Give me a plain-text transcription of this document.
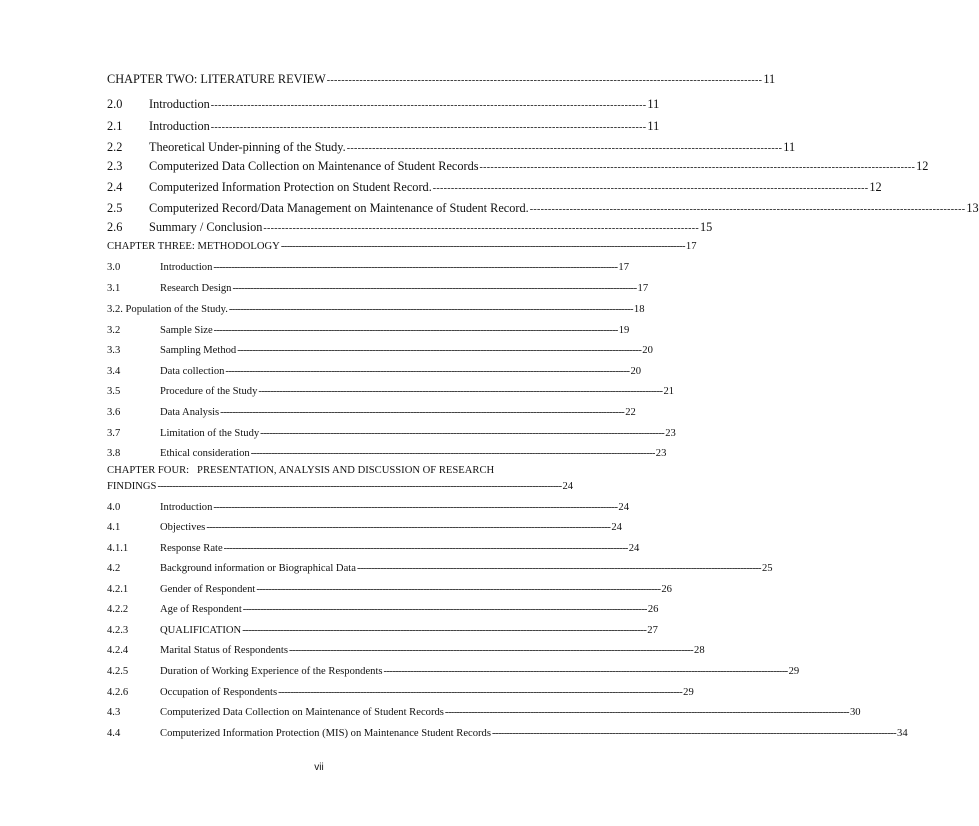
CHAPTER TWO: LITERATURE REVIEW ------------------------------------------------------------------------------------------------------------------------ 11
2.0	Introduction ------------------------------------------------------------------------------------------------------------------------ 11
2.1	Introduction ------------------------------------------------------------------------------------------------------------------------ 11
2.2	Theoretical Under-pinning of the Study. ------------------------------------------------------------------------------------------------------------------------ 11
2.3	Computerized Data Collection on Maintenance of Student Records ------------------------------------------------------------------------------------------------------------------------ 12
2.4	Computerized Information Protection on Student Record. ------------------------------------------------------------------------------------------------------------------------ 12
2.5	Computerized Record/Data Management on Maintenance of Student Record. ------------------------------------------------------------------------------------------------------------------------ 13
2.6	Summary / Conclusion ------------------------------------------------------------------------------------------------------------------------ 15
CHAPTER THREE: METHODOLOGY ------------------------------------------------------------------------------------------------------------------------------------------ 17
3.0	Introduction ------------------------------------------------------------------------------------------------------------------------------------------ 17
3.1	Research Design ------------------------------------------------------------------------------------------------------------------------------------------ 17
3.2. Population of the Study. ------------------------------------------------------------------------------------------------------------------------------------------ 18
3.2	Sample Size ------------------------------------------------------------------------------------------------------------------------------------------ 19
3.3	Sampling Method ------------------------------------------------------------------------------------------------------------------------------------------ 20
3.4	Data collection ------------------------------------------------------------------------------------------------------------------------------------------ 20
3.5	Procedure of the Study ------------------------------------------------------------------------------------------------------------------------------------------ 21
3.6	Data Analysis ------------------------------------------------------------------------------------------------------------------------------------------ 22
3.7	Limitation of the Study ------------------------------------------------------------------------------------------------------------------------------------------ 23
3.8	Ethical consideration ------------------------------------------------------------------------------------------------------------------------------------------ 23
CHAPTER FOUR:   PRESENTATION, ANALYSIS AND DISCUSSION OF RESEARCH
FINDINGS ------------------------------------------------------------------------------------------------------------------------------------------ 24
4.0	Introduction ------------------------------------------------------------------------------------------------------------------------------------------ 24
4.1	Objectives ------------------------------------------------------------------------------------------------------------------------------------------ 24
4.1.1	Response Rate ------------------------------------------------------------------------------------------------------------------------------------------ 24
4.2	Background information or Biographical Data ------------------------------------------------------------------------------------------------------------------------------------------ 25
4.2.1	Gender of Respondent ------------------------------------------------------------------------------------------------------------------------------------------ 26
4.2.2	Age of Respondent ------------------------------------------------------------------------------------------------------------------------------------------ 26
4.2.3	QUALIFICATION ------------------------------------------------------------------------------------------------------------------------------------------ 27
4.2.4	Marital Status of Respondents ------------------------------------------------------------------------------------------------------------------------------------------ 28
4.2.5	Duration of Working Experience of the Respondents ------------------------------------------------------------------------------------------------------------------------------------------ 29
4.2.6	Occupation of Respondents ------------------------------------------------------------------------------------------------------------------------------------------ 29
4.3	Computerized Data Collection on Maintenance of Student Records ------------------------------------------------------------------------------------------------------------------------------------------ 30
4.4	Computerized Information Protection (MIS) on Maintenance Student Records ------------------------------------------------------------------------------------------------------------------------------------------ 34
vii
